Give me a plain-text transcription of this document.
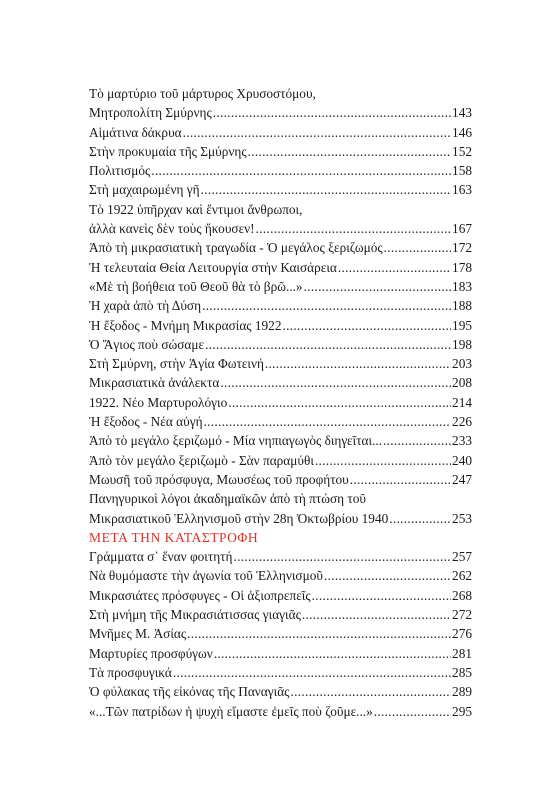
Τὸ μαρτύριο τοῦ μάρτυρος Χρυσοστόμου,
Μητροπολίτη Σμύρνης .....	143
Αἱμάτινα δάκρυα .....	146
Στὴν προκυμαία τῆς Σμύρνης .....	152
Πολιτισμός .....	158
Στὴ μαχαιρωμένη γῆ .....	163
Τὸ 1922 ὑπῆρχαν καὶ ἔντιμοι ἄνθρωποι,
ἀλλὰ κανεὶς δὲν τοὺς ἤκουσεν! .....	167
Ἀπὸ τὴ μικρασιατικὴ τραγωδία - Ὁ μεγάλος ξεριζωμός .....	172
Ἡ τελευταία Θεία Λειτουργία στὴν Καισάρεια .....	178
«Μὲ τὴ βοήθεια τοῦ Θεοῦ θὰ τὸ βρῶ...» .....	183
Ἡ χαρὰ ἀπὸ τὴ Δύση .....	188
Ἡ ἔξοδος - Μνήμη Μικρασίας 1922 .....	195
Ὁ Ἅγιος ποὺ σώσαμε .....	198
Στὴ Σμύρνη, στὴν Ἁγία Φωτεινή .....	203
Μικρασιατικὰ ἀνάλεκτα .....	208
1922. Νέο Μαρτυρολόγιο .....	214
Ἡ ἔξοδος - Νέα αὐγή .....	226
Ἀπὸ τὸ μεγάλο ξεριζωμό - Μία νηπιαγωγὸς διηγεῖται... .....	233
Ἀπὸ τὸν μεγάλο ξεριζωμὸ - Σὰν παραμύθι .....	240
Μωυσῆ τοῦ πρόσφυγα, Μωυσέως τοῦ προφήτου .....	247
Πανηγυρικοὶ λόγοι ἀκαδημαϊκῶν ἀπὸ τὴ πτώση τοῦ
Μικρασιατικοῦ Ἑλληνισμοῦ στὴν 28η Ὀκτωβρίου 1940 .....	253
ΜΕΤΑ ΤΗΝ ΚΑΤΑΣΤΡΟΦΗ
Γράμματα σ᾽ ἕναν φοιτητή .....	257
Νὰ θυμόμαστε τὴν ἀγωνία τοῦ Ἑλληνισμοῦ .....	262
Μικρασιάτες πρόσφυγες - Οἱ ἀξιοπρεπεῖς .....	268
Στὴ μνήμη τῆς Μικρασιάτισσας γιαγιᾶς .....	272
Μνῆμες Μ. Ἀσίας .....	276
Μαρτυρίες προσφύγων .....	281
Τὰ προσφυγικά .....	285
Ὁ φύλακας τῆς εἰκόνας τῆς Παναγιᾶς .....	289
«...Τῶν πατρίδων ἡ ψυχὴ εἴμαστε ἐμεῖς ποὺ ζοῦμε...» .....	295
